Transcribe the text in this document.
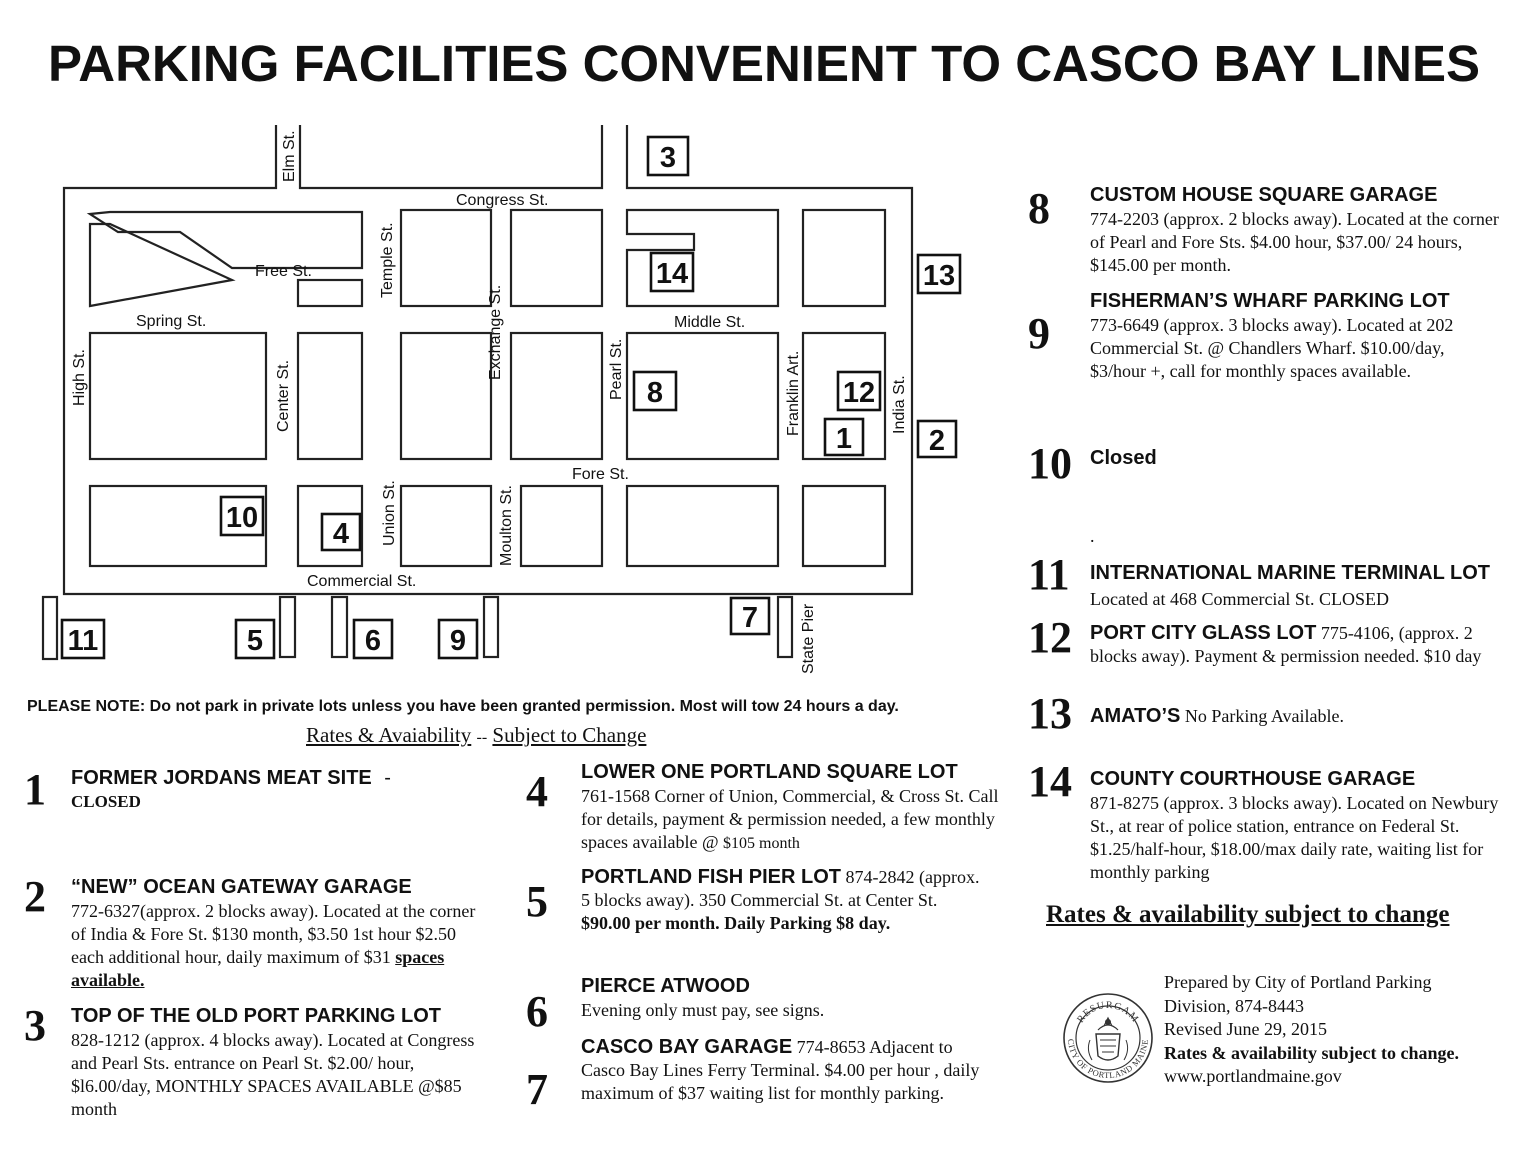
PARKING FACILITIES CONVENIENT TO CASCO BAY LINES
Elm St.
Congress St.
Free St.	Temple St.
Exchange St.
Spring St.	Middle St.
High St.	Center St.	Pearl St.	Franklin Art.	India St.
Fore St.
Union St.	Moulton St.
Commercial St.
State Pier
3
14	13
8	12
1	2
10	4
7
11	5	6 9
PLEASE NOTE: Do not park in private lots unless you have been granted permission. Most will tow 24 hours a day.
Rates & Avaiability -- Subject to Change
1 FORMER JORDANS MEAT SITE -
CLOSED
2 “NEW” OCEAN GATEWAY GARAGE
772-6327(approx. 2 blocks away). Located at the corner of India & Fore St. $130 month, $3.50 1st hour $2.50 each additional hour, daily maximum of $31 spaces available.
3 TOP OF THE OLD PORT PARKING LOT
828-1212 (approx. 4 blocks away). Located at Congress and Pearl Sts. entrance on Pearl St. $2.00/ hour, $l6.00/day, MONTHLY SPACES AVAILABLE @$85 month
4 LOWER ONE PORTLAND SQUARE LOT
761-1568 Corner of Union, Commercial, & Cross St. Call for details, payment & permission needed, a few monthly spaces available @ $105 month
5 PORTLAND FISH PIER LOT 874-2842 (approx. 5 blocks away). 350 Commercial St. at Center St. $90.00 per month. Daily Parking $8 day.
6
PIERCE ATWOOD
Evening only must pay, see signs.
7
CASCO BAY GARAGE 774-8653 Adjacent to Casco Bay Lines Ferry Terminal. $4.00 per hour , daily maximum of $37 waiting list for monthly parking.
8 CUSTOM HOUSE SQUARE GARAGE
774-2203 (approx. 2 blocks away). Located at the corner of Pearl and Fore Sts. $4.00 hour, $37.00/ 24 hours, $145.00 per month.
9
FISHERMAN’S WHARF PARKING LOT
773-6649 (approx. 3 blocks away). Located at 202 Commercial St. @ Chandlers Wharf. $10.00/day, $3/hour +, call for monthly spaces available.
10 Closed
.
11 INTERNATIONAL MARINE TERMINAL LOT Located at 468 Commercial St. CLOSED
12 PORT CITY GLASS LOT 775-4106, (approx. 2 blocks away). Payment & permission needed. $10 day
13 AMATO’S No Parking Available.
14 COUNTY COURTHOUSE GARAGE
871-8275 (approx. 3 blocks away). Located on Newbury St., at rear of police station, entrance on Federal St. $1.25/half-hour, $18.00/max daily rate, waiting list for monthly parking
Rates & availability subject to change
RESURGAM
CITY OF PORTLAND MAINE
Prepared by City of Portland Parking
Division, 874-8443
Revised June 29, 2015
Rates & availability subject to change.
www.portlandmaine.gov
